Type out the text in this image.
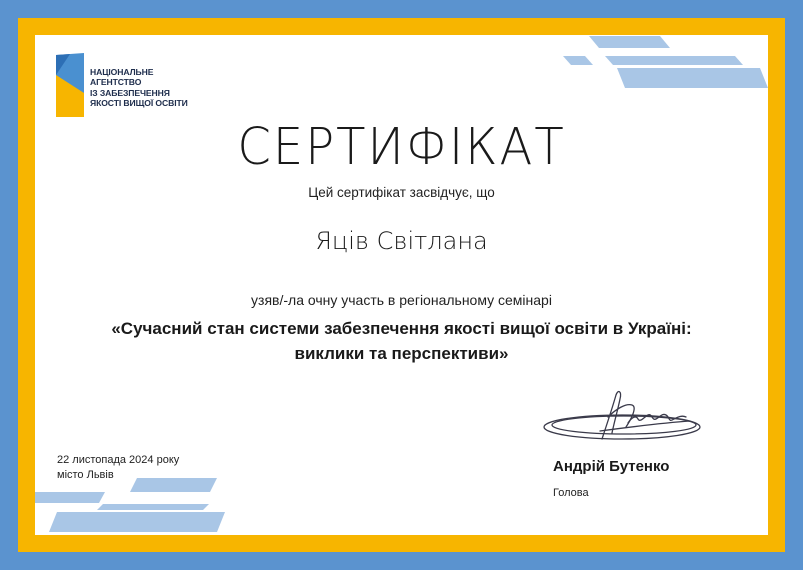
НАЦІОНАЛЬНЕ
АГЕНТСТВО
ІЗ ЗАБЕЗПЕЧЕННЯ
ЯКОСТІ ВИЩОЇ ОСВІТИ
СЕРТИФІКАТ
Цей сертифікат засвідчує, що
Яців Світлана
узяв/-ла очну участь в регіональному семінарі
«Сучасний стан системи забезпечення якості вищої освіти в Україні:
виклики та перспективи»
22 листопада 2024 року
місто Львів	Андрій Бутенко
Голова
